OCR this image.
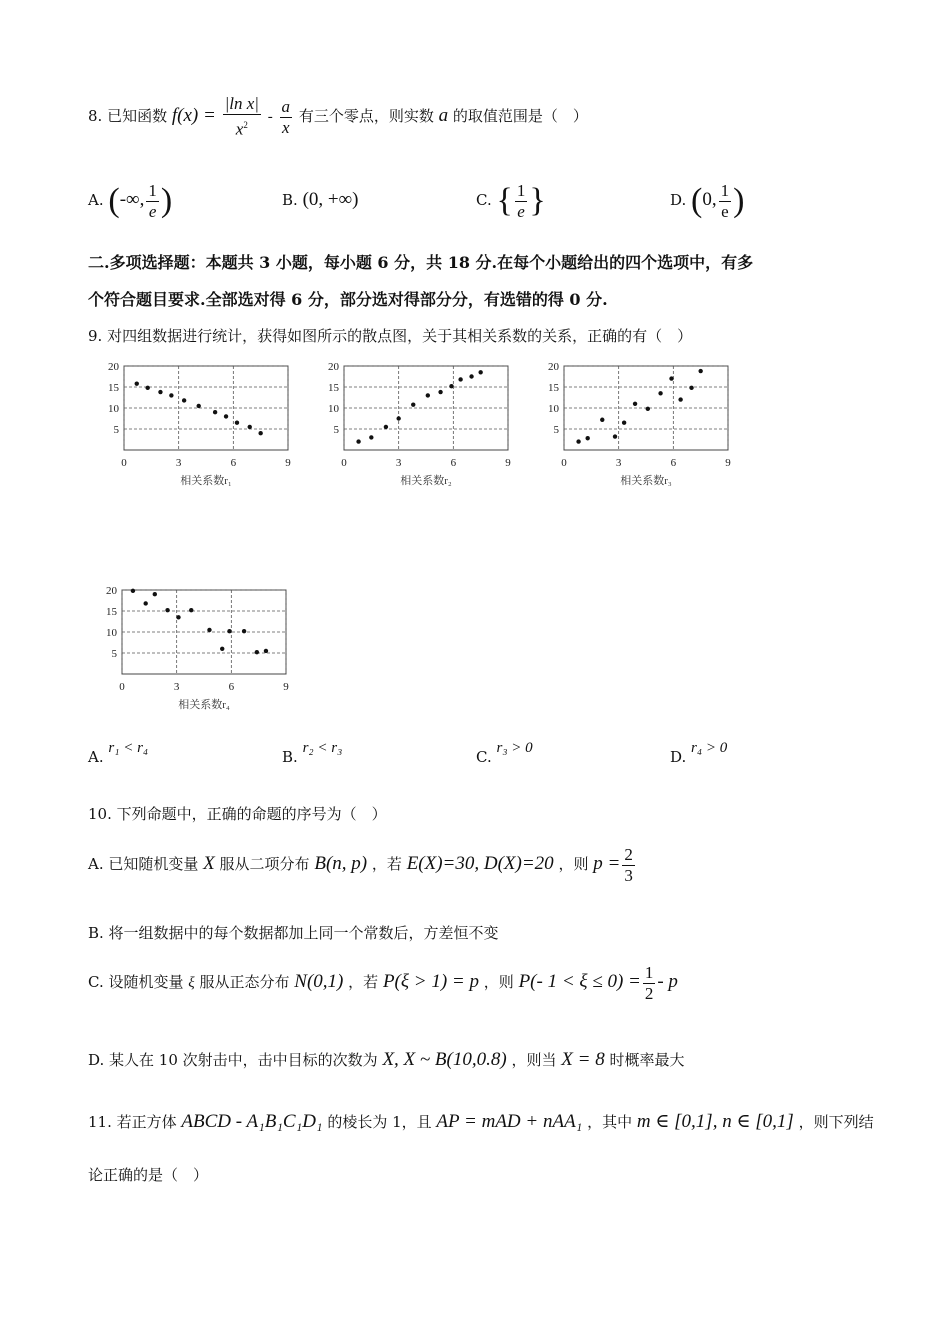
8. 已知函数 $f(x) = \frac{\text{|ln x|}}{x^2} - \frac{a}{x}$ 有三个零点，则实数 a 的取值范围是（　）
A. (-∞, $\frac{1}{e}$ )	B. (0, +∞)	C. { $\frac{1}{e}$ }	D. (0, $\frac{1}{e}$ )
二.多项选择题：本题共 3 小题，每小题 6 分，共 18 分.在每个小题给出的四个选项中，有多
个符合题目要求.全部选对得 6 分，部分选对得部分分，有选错的得 0 分.
9. 对四组数据进行统计，获得如图所示的散点图，关于其相关系数的关系，正确的有（　）
5
10
15
20
0	3	6	9
相关系数r₁
5
10
15
20
0	3	6	9
相关系数r₂
5
10
15
20
0	3	6	9
相关系数r₃
5
10
15
20
0	3	6	9
相关系数r₄
A. r₁ < r₄	B. r₂ < r₃	C. r₃ > 0	D. r₄ > 0
10. 下列命题中，正确的命题的序号为（　）
A. 已知随机变量 X 服从二项分布 B(n, p) ，若 E(X)=30, D(X)=20 ，则 $p = \frac{2}{3}$
B. 将一组数据中的每个数据都加上同一个常数后，方差恒不变
C. 设随机变量 ξ 服从正态分布 N(0,1) ，若 P(ξ > 1) = p ，则 P(- $1 < \xi \le 0) = \frac{1}{2} - p$
D. 某人在 10 次射击中，击中目标的次数为 X, X ~ B(10,0.8) ，则当 X = 8 时概率最大
11. 若正方体 ABCD - A₁B₁C₁D₁ 的棱长为 1，且 AP = mAD + nAA₁ ，其中 m ∈ [0,1], n ∈ [0,1] ，则下列结
论正确的是（　）
